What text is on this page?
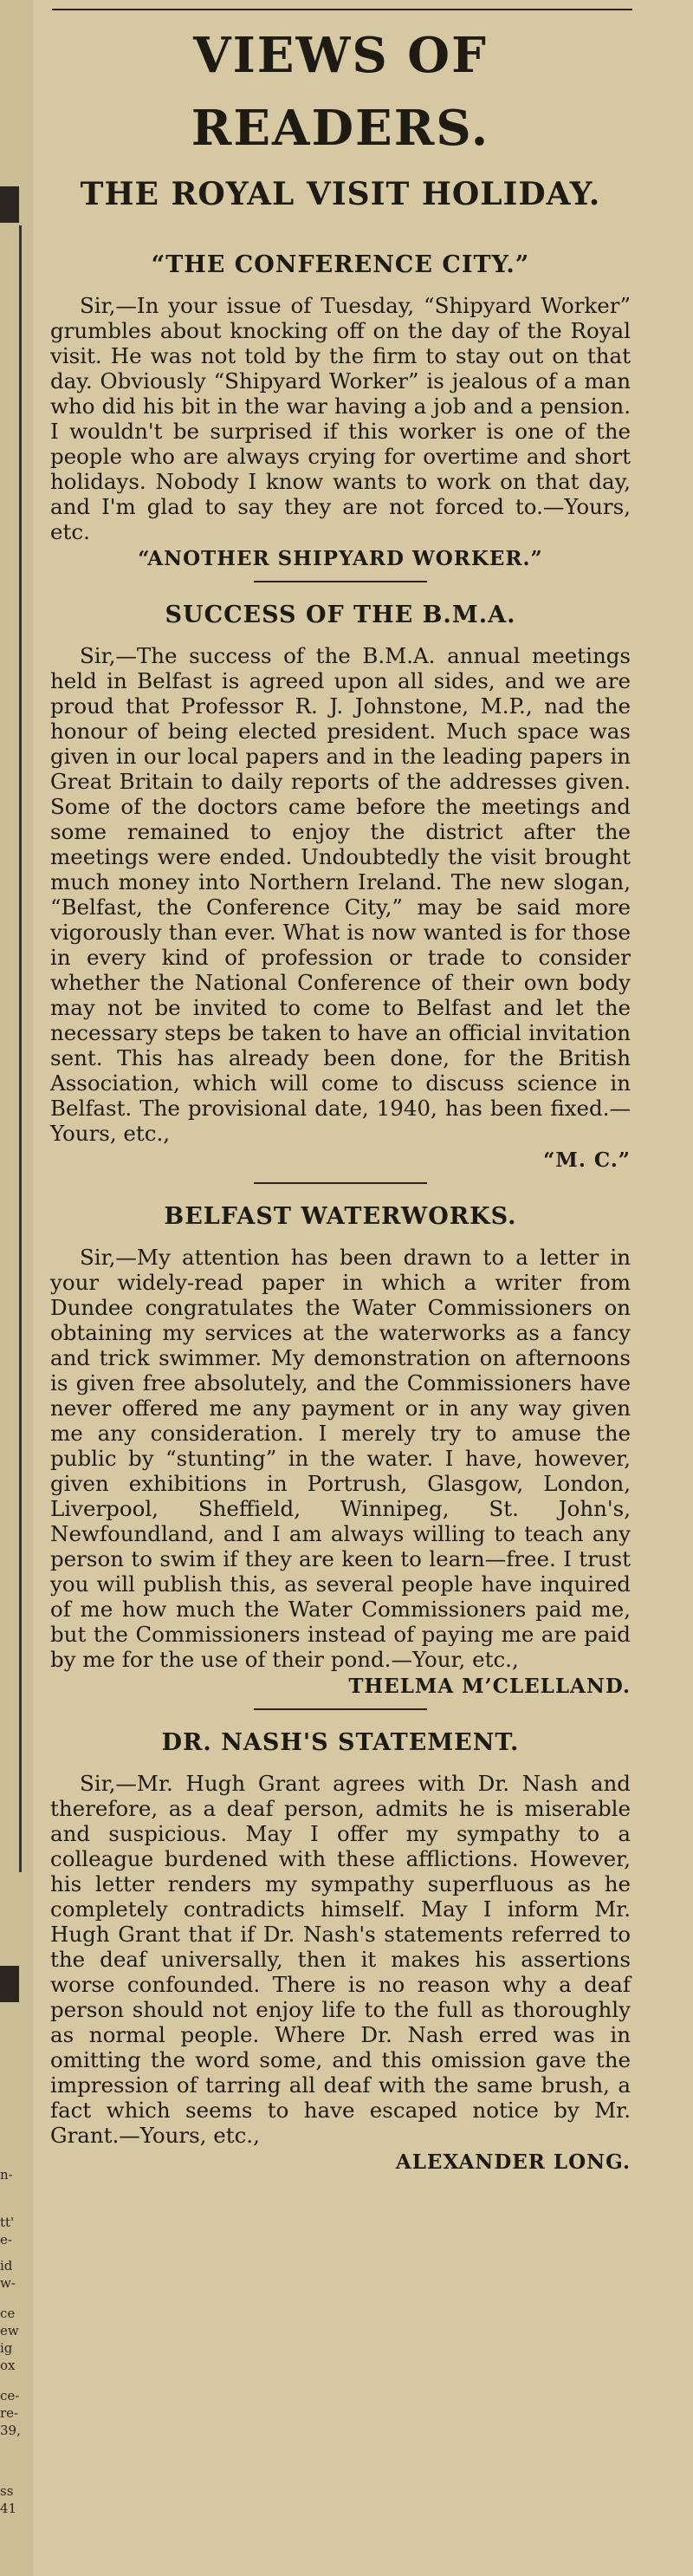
n-
tt'
e-
id
w-
ce
ew
ig
ox
ce-
re-
39,
ss
41
VIEWS OF READERS.
THE ROYAL VISIT HOLIDAY.
“THE CONFERENCE CITY.”

Sir,—In your issue of Tuesday, “Shipyard Worker” grumbles about knocking off on the day of the Royal visit. He was not told by the firm to stay out on that day. Obviously “Shipyard Worker” is jealous of a man who did his bit in the war having a job and a pension. I wouldn't be surprised if this worker is one of the people who are always crying for overtime and short holidays. Nobody I know wants to work on that day, and I'm glad to say they are not forced to.—Yours, etc.

“ANOTHER SHIPYARD WORKER.”
SUCCESS OF THE B.M.A.

Sir,—The success of the B.M.A. annual meetings held in Belfast is agreed upon all sides, and we are proud that Professor R. J. Johnstone, M.P., nad the honour of being elected president. Much space was given in our local papers and in the leading papers in Great Britain to daily reports of the addresses given. Some of the doctors came before the meetings and some remained to enjoy the district after the meetings were ended. Undoubtedly the visit brought much money into Northern Ireland. The new slogan, “Belfast, the Conference City,” may be said more vigorously than ever. What is now wanted is for those in every kind of profession or trade to consider whether the National Conference of their own body may not be invited to come to Belfast and let the necessary steps be taken to have an official invitation sent. This has already been done, for the British Association, which will come to discuss science in Belfast. The provisional date, 1940, has been fixed.—Yours, etc.,

“M. C.”
BELFAST WATERWORKS.

Sir,—My attention has been drawn to a letter in your widely-read paper in which a writer from Dundee congratulates the Water Commissioners on obtaining my services at the waterworks as a fancy and trick swimmer. My demonstration on afternoons is given free absolutely, and the Commissioners have never offered me any payment or in any way given me any consideration. I merely try to amuse the public by “stunting” in the water. I have, however, given exhibitions in Portrush, Glasgow, London, Liverpool, Sheffield, Winnipeg, St. John's, Newfoundland, and I am always willing to teach any person to swim if they are keen to learn—free. I trust you will publish this, as several people have inquired of me how much the Water Commissioners paid me, but the Commissioners instead of paying me are paid by me for the use of their pond.—Your, etc.,

THELMA M’CLELLAND.
DR. NASH'S STATEMENT.

Sir,—Mr. Hugh Grant agrees with Dr. Nash and therefore, as a deaf person, admits he is miserable and suspicious. May I offer my sympathy to a colleague burdened with these afflictions. However, his letter renders my sympathy superfluous as he completely contradicts himself. May I inform Mr. Hugh Grant that if Dr. Nash's statements referred to the deaf universally, then it makes his assertions worse confounded. There is no reason why a deaf person should not enjoy life to the full as thoroughly as normal people. Where Dr. Nash erred was in omitting the word some, and this omission gave the impression of tarring all deaf with the same brush, a fact which seems to have escaped notice by Mr. Grant.—Yours, etc.,

ALEXANDER LONG.
